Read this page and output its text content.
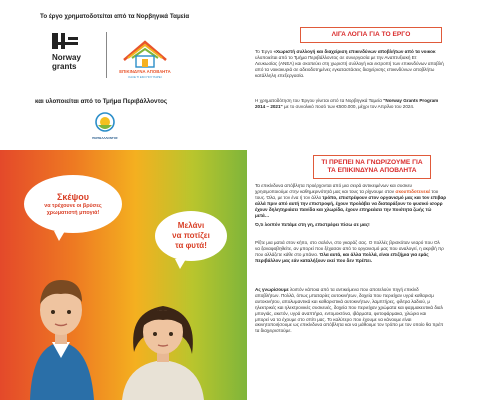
Το έργο χρηματοδοτείται από τα Νορβηγικά Ταμεία
Norway
grants
ΕΠΙΚΙΝΔΥΝΑ ΑΠΟΒΛΗΤΑ
ΚΑΛΕ ΤΙ ΕΚΟ ΠΟΥ ΠΑΡΕΙ
και υλοποιείται από το Τμήμα Περιβάλλοντος
ΠΕΡΙΒΑΛΛΟΝΤΟΣ
Σκέψου
να τρέχουνε οι βρύσες
χρωματιστή μπογιά!
Μελάνι
να ποτίζει
τα φυτά!
ΛΙΓΑ ΛΟΓΙΑ ΓΙΑ ΤΟ ΕΡΓΟ
Το Έργο «Χωριστή συλλογή και διαχείριση επικινδύνων αποβλήτων από τα νοικοκ
υλοποιείται από το Τμήμα Περιβάλλοντος σε συνεργασία με την Αναπτυξιακή Ετ
Λευκωσίας (ΑΝΕΛ) και σκοπεύει στη χωριστή συλλογή και εκτροπή των επικινδύνων αποβλή
από τα νοικοκυριά σε αδειοδοτημένες εγκαταστάσεις διαχείρισης επικινδύνων αποβλήτω
κατάλληλη επεξεργασία.
Η χρηματοδότηση του Έργου γίνεται από τα Νορβηγικά Ταμεία "Norway Grants Program
2014 – 2021" με το συνολικό ποσό των €500.000, μέχρι τον Απρίλιο του 2024.
ΤΙ ΠΡΕΠΕΙ ΝΑ ΓΝΩΡΙΖΟΥΜΕ ΓΙΑ ΤΑ ΕΠΙΚΙΝΔΥΝΑ ΑΠΟΒΛΗΤΑ
Τα επικίνδυνα απόβλητα προέρχονται από μια σειρά αντικειμένων και συσκευ
χρησιμοποιούμε στην καθημερινότητά μας και τους τα ρίχνουμε στον σκουπιδοτενεκέ του
τους. Όλα, με τον ένα ή τον άλλο τρόπο, επιστρέφουν στον οργανισμό μας και τον επιβαρ
αλλά πριν από αυτή την επιστροφή, έχουν προλάβει να διαταράξουν το φυσικό ισορρ
έχουν δηλητηριάσει πανίδα και χλωρίδα, έχουν επηρεάσει την ποιότητα ζωής τώ
μετά…
Ό,τι λοιπόν πετάμε στη γη, επιστρέφει πίσω σε μας!
Ρίξτε μια ματιά στον κήπο, στο σαλόνι, στο γκαράζ σας. Ο πολλές βρισκόταν νεαρό που Ολ
να ξαναφοβηθείτε, αν μπορεί που ξέχασαν από το οργανισμό μας που αναλογεί, η ακριβή πρ
που αλλάζετε κάθε στο μπάνιο. Όλα αυτά, και άλλα πολλά, είναι επιζήμια για εμάς
περιβάλλον μας εάν καταλήξουν εκεί που δεν πρέπει.
Ας γνωρίσουμε λοιπόν κάποια από τα αντικείμενα που αποτελούν πηγή επικίνδ
αποβλήτων. Πολλά, όπως μπαταρίες αυτοκινήτων, δοχεία που περιείχαν υγρά καθαρισμ
αυτοκινήτου, απολυμαντικά και καθαριστικά αυτοκινήτων, λαμπτήρες, φίλτρα λαδιού, μ
ηλεκτρικές και ηλεκτρονικές συσκευές, δοχεία που περιείχαν χρώματα και φαρμακευτικά διαλ
μπογιάς, ακετόν, υγρά αναπτήρα, εντομοκτόνα, ιβάρματα, φυτοφάρμακα, χλώριο και
μπορεί να τα έχουμε στο σπίτι μας. Το καλύτερο που έχουμε να κάνουμε είναι
ακινητοποιήσουμε ως επικίνδυνα απόβλητα και να μάθουμε τον τρόπο με τον οποίο θα πρέπ
τα διαχειριστούμε.
